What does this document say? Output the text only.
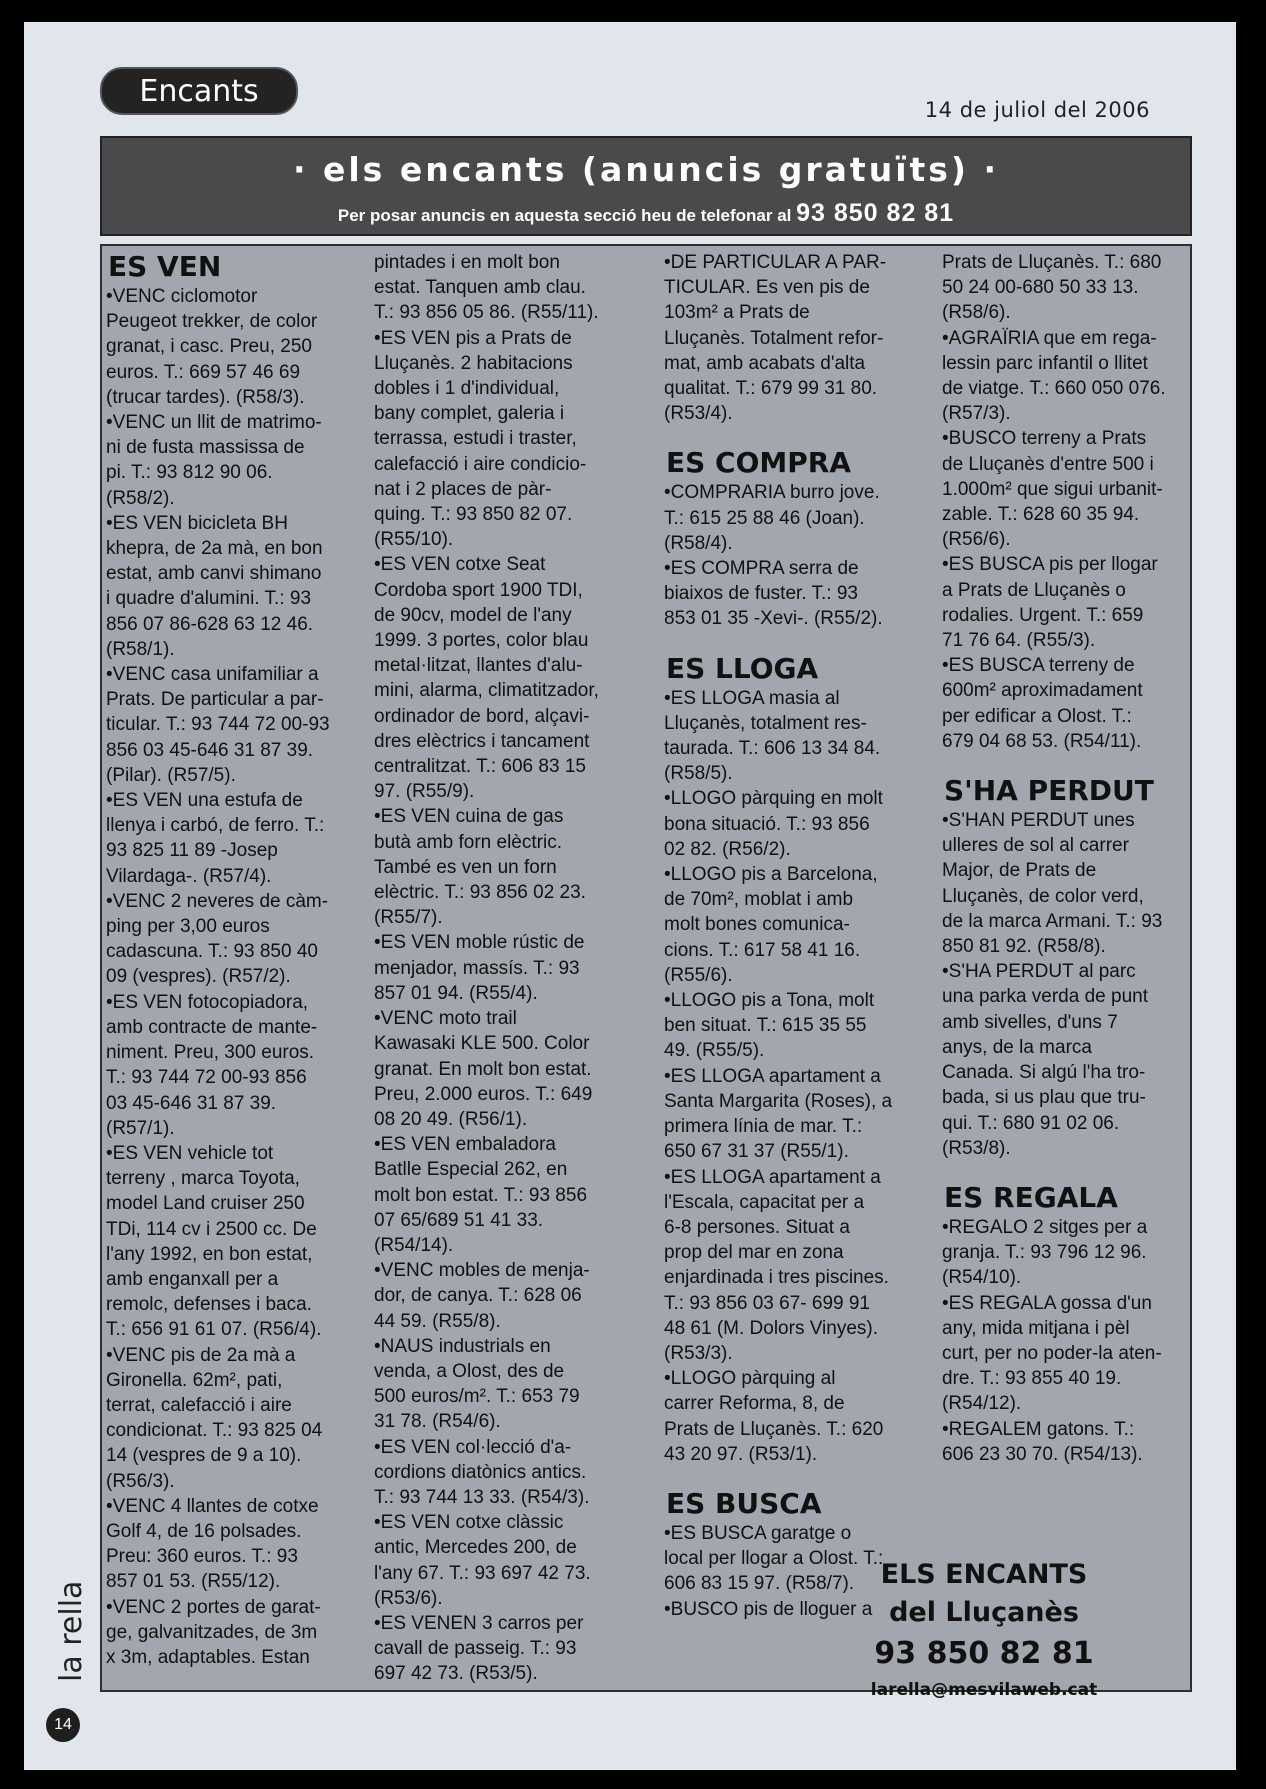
Encants
14 de juliol del 2006
· els encants (anuncis gratuïts) ·
Per posar anuncis en aquesta secció heu de telefonar al 93 850 82 81

ES VEN

•VENC ciclomotor
Peugeot trekker, de color
granat, i casc. Preu, 250
euros. T.: 669 57 46 69
(trucar tardes). (R58/3).
•VENC un llit de matrimo-
ni de fusta massissa de
pi. T.: 93 812 90 06.
(R58/2).
•ES VEN bicicleta BH
khepra, de 2a mà, en bon
estat, amb canvi shimano
i quadre d'alumini. T.: 93
856 07 86-628 63 12 46.
(R58/1).
•VENC casa unifamiliar a
Prats. De particular a par-
ticular. T.: 93 744 72 00-93
856 03 45-646 31 87 39.
(Pilar). (R57/5).
•ES VEN una estufa de
llenya i carbó, de ferro. T.:
93 825 11 89 -Josep
Vilardaga-. (R57/4).
•VENC 2 neveres de càm-
ping per 3,00 euros
cadascuna. T.: 93 850 40
09 (vespres). (R57/2).
•ES VEN fotocopiadora,
amb contracte de mante-
niment. Preu, 300 euros.
T.: 93 744 72 00-93 856
03 45-646 31 87 39.
(R57/1).
•ES VEN vehicle tot
terreny , marca Toyota,
model Land cruiser 250
TDi, 114 cv i 2500 cc. De
l'any 1992, en bon estat,
amb enganxall per a
remolc, defenses i baca.
T.: 656 91 61 07. (R56/4).
•VENC pis de 2a mà a
Gironella. 62m², pati,
terrat, calefacció i aire
condicionat. T.: 93 825 04
14 (vespres de 9 a 10).
(R56/3).
•VENC 4 llantes de cotxe
Golf 4, de 16 polsades.
Preu: 360 euros. T.: 93
857 01 53. (R55/12).
•VENC 2 portes de garat-
ge, galvanitzades, de 3m
x 3m, adaptables. Estan

pintades i en molt bon
estat. Tanquen amb clau.
T.: 93 856 05 86. (R55/11).
•ES VEN pis a Prats de
Lluçanès. 2 habitacions
dobles i 1 d'individual,
bany complet, galeria i
terrassa, estudi i traster,
calefacció i aire condicio-
nat i 2 places de pàr-
quing. T.: 93 850 82 07.
(R55/10).
•ES VEN cotxe Seat
Cordoba sport 1900 TDI,
de 90cv, model de l'any
1999. 3 portes, color blau
metal·litzat, llantes d'alu-
mini, alarma, climatitzador,
ordinador de bord, alçavi-
dres elèctrics i tancament
centralitzat. T.: 606 83 15
97. (R55/9).
•ES VEN cuina de gas
butà amb forn elèctric.
També es ven un forn
elèctric. T.: 93 856 02 23.
(R55/7).
•ES VEN moble rústic de
menjador, massís. T.: 93
857 01 94. (R55/4).
•VENC moto trail
Kawasaki KLE 500. Color
granat. En molt bon estat.
Preu, 2.000 euros. T.: 649
08 20 49. (R56/1).
•ES VEN embaladora
Batlle Especial 262, en
molt bon estat. T.: 93 856
07 65/689 51 41 33.
(R54/14).
•VENC mobles de menja-
dor, de canya. T.: 628 06
44 59. (R55/8).
•NAUS industrials en
venda, a Olost, des de
500 euros/m². T.: 653 79
31 78. (R54/6).
•ES VEN col·lecció d'a-
cordions diatònics antics.
T.: 93 744 13 33. (R54/3).
•ES VEN cotxe clàssic
antic, Mercedes 200, de
l'any 67. T.: 93 697 42 73.
(R53/6).
•ES VENEN 3 carros per
cavall de passeig. T.: 93
697 42 73. (R53/5).

•DE PARTICULAR A PAR-
TICULAR. Es ven pis de
103m² a Prats de
Lluçanès. Totalment refor-
mat, amb acabats d'alta
qualitat. T.: 679 99 31 80.
(R53/4).

ES COMPRA

•COMPRARIA burro jove.
T.: 615 25 88 46 (Joan).
(R58/4).
•ES COMPRA serra de
biaixos de fuster. T.: 93
853 01 35 -Xevi-. (R55/2).

ES LLOGA

•ES LLOGA masia al
Lluçanès, totalment res-
taurada. T.: 606 13 34 84.
(R58/5).
•LLOGO pàrquing en molt
bona situació. T.: 93 856
02 82. (R56/2).
•LLOGO pis a Barcelona,
de 70m², moblat i amb
molt bones comunica-
cions. T.: 617 58 41 16.
(R55/6).
•LLOGO pis a Tona, molt
ben situat. T.: 615 35 55
49. (R55/5).
•ES LLOGA apartament a
Santa Margarita (Roses), a
primera línia de mar. T.:
650 67 31 37 (R55/1).
•ES LLOGA apartament a
l'Escala, capacitat per a
6-8 persones. Situat a
prop del mar en zona
enjardinada i tres piscines.
T.: 93 856 03 67- 699 91
48 61 (M. Dolors Vinyes).
(R53/3).
•LLOGO pàrquing al
carrer Reforma, 8, de
Prats de Lluçanès. T.: 620
43 20 97. (R53/1).

ES BUSCA

•ES BUSCA garatge o
local per llogar a Olost. T.:
606 83 15 97. (R58/7).
•BUSCO pis de lloguer a

Prats de Lluçanès. T.: 680
50 24 00-680 50 33 13.
(R58/6).
•AGRAÏRIA que em rega-
lessin parc infantil o llitet
de viatge. T.: 660 050 076.
(R57/3).
•BUSCO terreny a Prats
de Lluçanès d'entre 500 i
1.000m² que sigui urbanit-
zable. T.: 628 60 35 94.
(R56/6).
•ES BUSCA pis per llogar
a Prats de Lluçanès o
rodalies. Urgent. T.: 659
71 76 64. (R55/3).
•ES BUSCA terreny de
600m² aproximadament
per edificar a Olost. T.:
679 04 68 53. (R54/11).

S'HA PERDUT

•S'HAN PERDUT unes
ulleres de sol al carrer
Major, de Prats de
Lluçanès, de color verd,
de la marca Armani. T.: 93
850 81 92. (R58/8).
•S'HA PERDUT al parc
una parka verda de punt
amb sivelles, d'uns 7
anys, de la marca
Canada. Si algú l'ha tro-
bada, si us plau que tru-
qui. T.: 680 91 02 06.
(R53/8).

ES REGALA

•REGALO 2 sitges per a
granja. T.: 93 796 12 96.
(R54/10).
•ES REGALA gossa d'un
any, mida mitjana i pèl
curt, per no poder-la aten-
dre. T.: 93 855 40 19.
(R54/12).
•REGALEM gatons. T.:
606 23 30 70. (R54/13).

ELS ENCANTS
del Lluçanès
93 850 82 81
larella@mesvilaweb.cat
la rella
14
